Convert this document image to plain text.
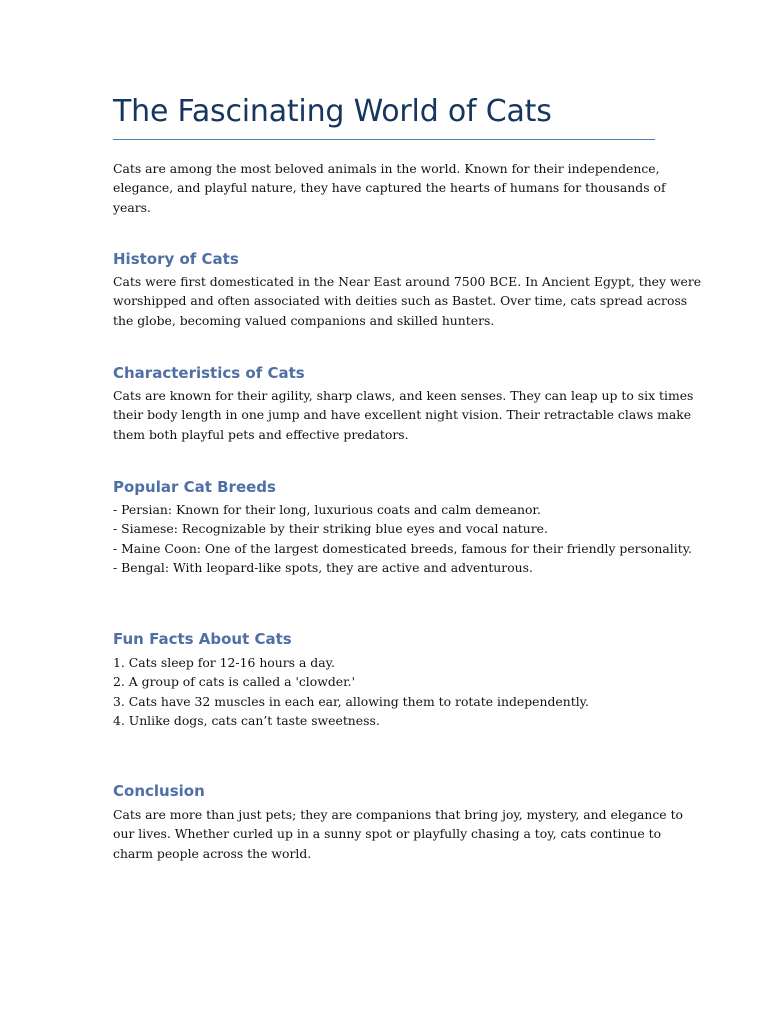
The Fascinating World of Cats

Cats are among the most beloved animals in the world. Known for their independence,
elegance, and playful nature, they have captured the hearts of humans for thousands of
years.

History of Cats

Cats were first domesticated in the Near East around 7500 BCE. In Ancient Egypt, they were
worshipped and often associated with deities such as Bastet. Over time, cats spread across
the globe, becoming valued companions and skilled hunters.

Characteristics of Cats

Cats are known for their agility, sharp claws, and keen senses. They can leap up to six times
their body length in one jump and have excellent night vision. Their retractable claws make
them both playful pets and effective predators.

Popular Cat Breeds

- Persian: Known for their long, luxurious coats and calm demeanor.
- Siamese: Recognizable by their striking blue eyes and vocal nature.
- Maine Coon: One of the largest domesticated breeds, famous for their friendly personality.
- Bengal: With leopard-like spots, they are active and adventurous.

Fun Facts About Cats

1. Cats sleep for 12-16 hours a day.
2. A group of cats is called a 'clowder.'
3. Cats have 32 muscles in each ear, allowing them to rotate independently.
4. Unlike dogs, cats can’t taste sweetness.

Conclusion

Cats are more than just pets; they are companions that bring joy, mystery, and elegance to
our lives. Whether curled up in a sunny spot or playfully chasing a toy, cats continue to
charm people across the world.
